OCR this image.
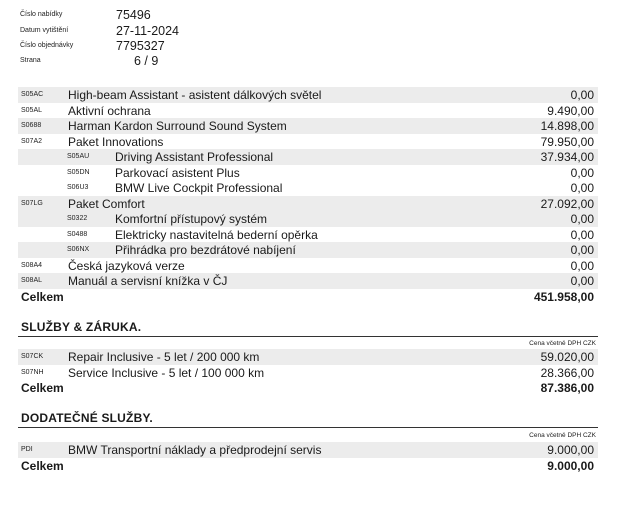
Číslo nabídky	75496
Datum vytištění	27-11-2024
Číslo objednávky	7795327
Strana	6 / 9
S05AC High-beam Assistant - asistent dálkových světel	0,00
S05AL Aktivní ochrana	9.490,00
S0688 Harman Kardon Surround Sound System	14.898,00
S07A2 Paket Innovations	79.950,00
S05AU Driving Assistant Professional	37.934,00
S05DN Parkovací asistent Plus	0,00
S06U3 BMW Live Cockpit Professional	0,00
S07LG Paket Comfort	27.092,00
S0322 Komfortní přístupový systém	0,00
S0488 Elektricky nastavitelná bederní opěrka	0,00
S06NX Přihrádka pro bezdrátové nabíjení	0,00
S08A4 Česká jazyková verze	0,00
S08AL Manuál a servisní knížka v ČJ	0,00
Celkem	451.958,00
SLUŽBY & ZÁRUKA.
Cena včetně DPH CZK
S07CK Repair Inclusive - 5 let / 200 000 km	59.020,00
S07NH Service Inclusive - 5 let / 100 000 km	28.366,00
Celkem	87.386,00
DODATEČNÉ SLUŽBY.
Cena včetně DPH CZK
PDI	BMW Transportní náklady a předprodejní servis	9.000,00
Celkem	9.000,00
